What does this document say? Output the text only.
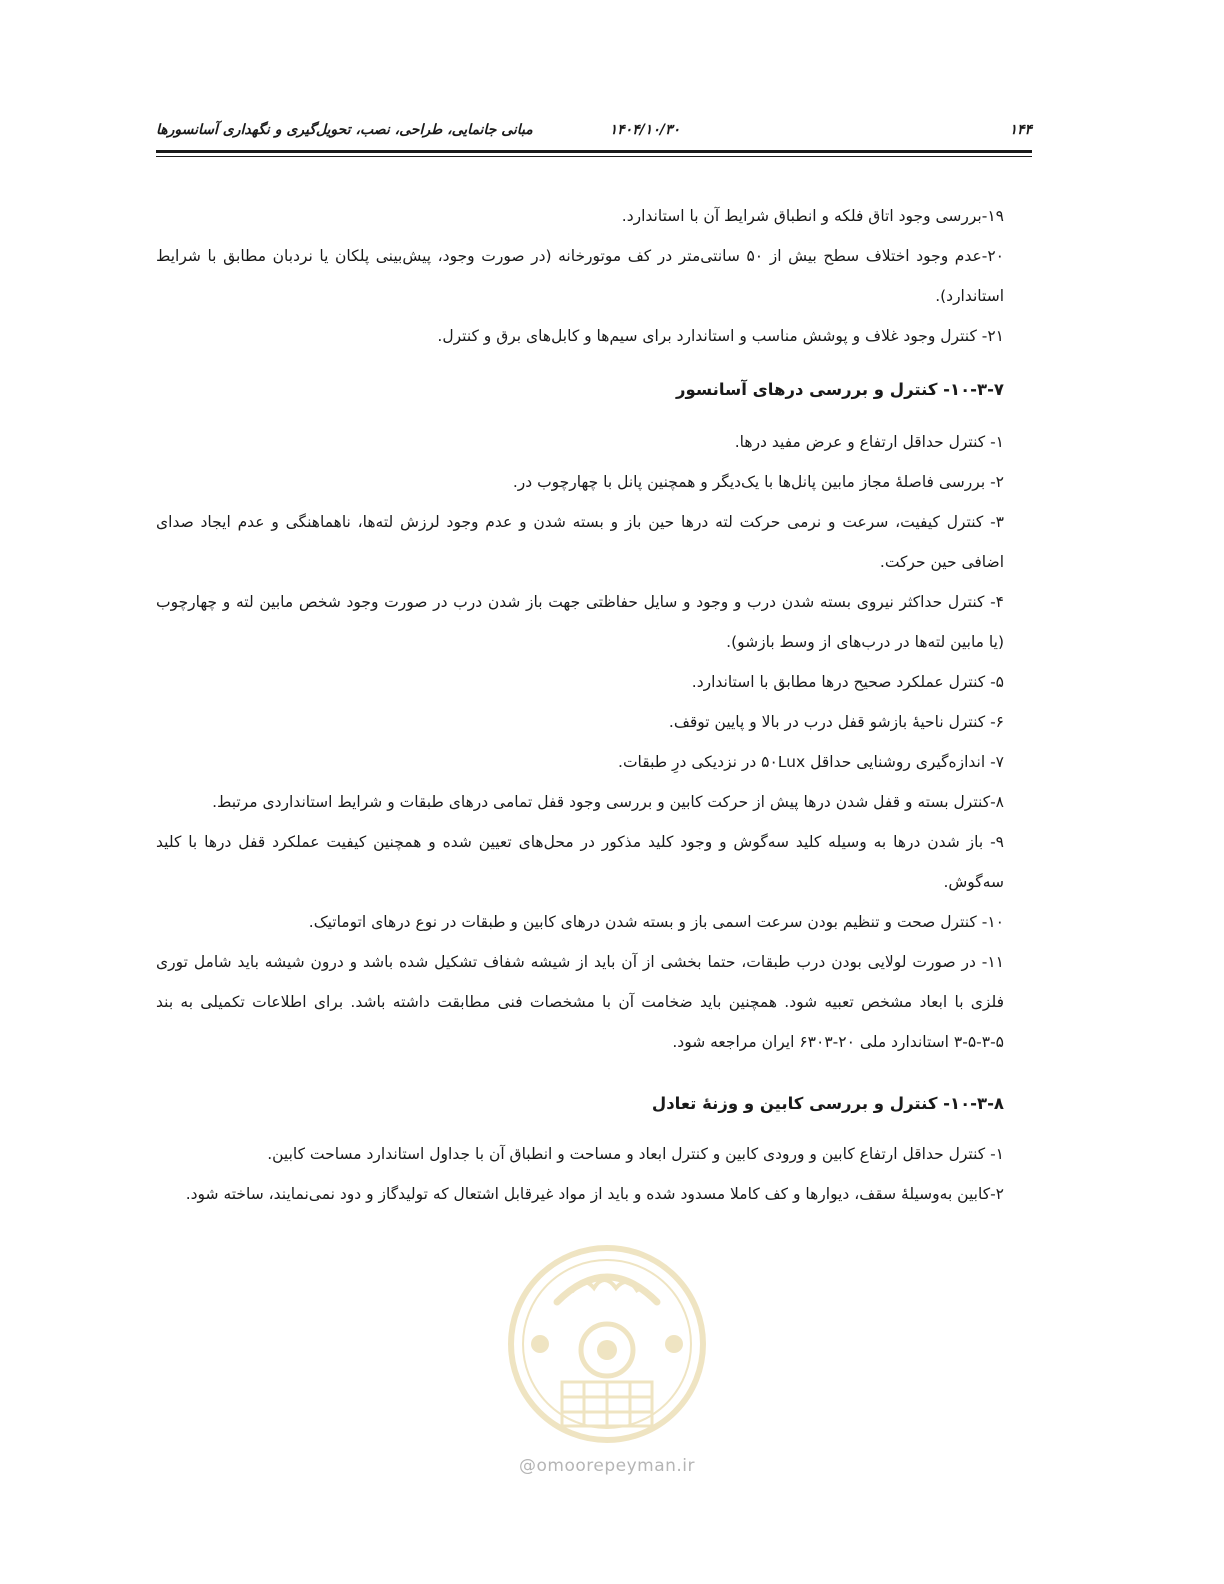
۱۴۴
۱۴۰۴/۱۰/۳۰
مبانی جانمایی، طراحی، نصب، تحویل‌گیری و نگهداری آسانسورها

۱۹-بررسی وجود اتاق فلکه و انطباق شرایط آن با استاندارد.

۲۰-عدم وجود اختلاف سطح بیش از ۵۰ سانتی‌متر در کف موتورخانه (در صورت وجود، پیش‌بینی پلکان یا نردبان مطابق با شرایط استاندارد).

۲۱- کنترل وجود غلاف و پوشش مناسب و استاندارد برای سیم‌ها و کابل‌های برق و کنترل.

۱۰-۳-۷- کنترل و بررسی درهای آسانسور

۱- کنترل حداقل ارتفاع و عرض مفید درها.

۲- بررسی فاصلهٔ مجاز مابین پانل‌ها با یک‌دیگر و همچنین پانل با چهارچوب در.

۳- کنترل کیفیت، سرعت و نرمی حرکت لته درها حین باز و بسته شدن و عدم وجود لرزش لته‌ها، ناهماهنگی و عدم ایجاد صدای اضافی حین حرکت.

۴- کنترل حداکثر نیروی بسته شدن درب و وجود و سایل حفاظتی جهت باز شدن درب در صورت وجود شخص مابین لته و چهارچوب (یا مابین لته‌ها در درب‌های از وسط بازشو).

۵- کنترل عملکرد صحیح درها مطابق با استاندارد.

۶- کنترل ناحیهٔ بازشو قفل درب در بالا و پایین توقف.

۷- اندازه‌گیری روشنایی حداقل ۵۰Lux در نزدیکی درِ طبقات.

۸-کنترل بسته و قفل شدن درها پیش از حرکت کابین و بررسی وجود قفل تمامی درهای طبقات و شرایط استانداردی مرتبط.

۹- باز شدن درها به وسیله کلید سه‌گوش و وجود کلید مذکور در محل‌های تعیین شده و همچنین کیفیت عملکرد قفل درها با کلید سه‌گوش.

۱۰- کنترل صحت و تنظیم بودن سرعت اسمی باز و بسته شدن درهای کابین و طبقات در نوع درهای اتوماتیک.

۱۱- در صورت لولایی بودن درب طبقات، حتما بخشی از آن باید از شیشه شفاف تشکیل شده باشد و درون شیشه باید شامل توری فلزی با ابعاد مشخص تعبیه شود. همچنین باید ضخامت آن با مشخصات فنی مطابقت داشته باشد. برای اطلاعات تکمیلی به بند ۵-۳-۵-۳ استاندارد ملی ۲۰-۶۳۰۳ ایران مراجعه شود.

۱۰-۳-۸- کنترل و بررسی کابین و وزنهٔ تعادل

۱- کنترل حداقل ارتفاع کابین و ورودی کابین و کنترل ابعاد و مساحت و انطباق آن با جداول استاندارد مساحت کابین.

۲-کابین به‌وسیلهٔ سقف، دیوارها و کف کاملا مسدود شده و باید از مواد غیرقابل اشتعال که تولیدگاز و دود نمی‌نمایند، ساخته شود.

@omoorepeyman.ir
